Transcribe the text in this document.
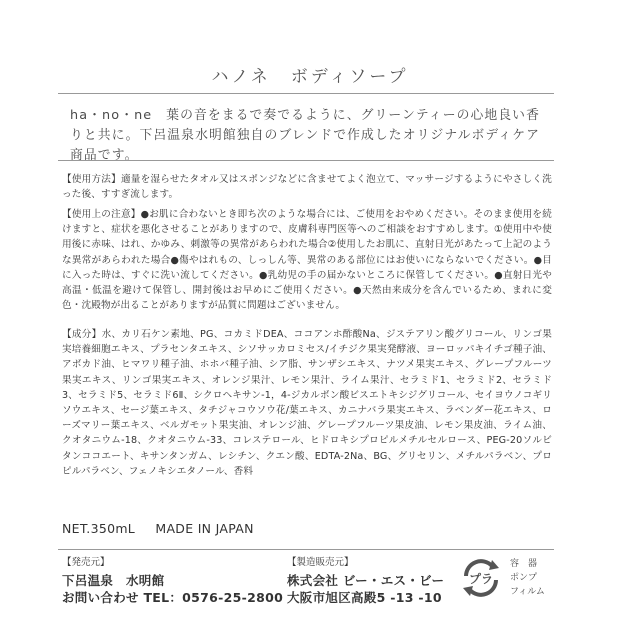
ハノネ　ボディソープ
ha・no・ne　葉の音をまるで奏でるように、グリーンティーの心地良い香りと共に。下呂温泉水明館独自のブレンドで作成したオリジナルボディケア商品です。
【使用方法】適量を湿らせたタオル又はスポンジなどに含ませてよく泡立て、マッサージするようにやさしく洗った後、すすぎ流します。
【使用上の注意】●お肌に合わないとき即ち次のような場合には、ご使用をおやめください。そのまま使用を続けますと、症状を悪化させることがありますので、皮膚科専門医等へのご相談をおすすめします。①使用中や使用後に赤味、はれ、かゆみ、刺激等の異常があらわれた場合②使用したお肌に、直射日光があたって上記のような異常があらわれた場合●傷やはれもの、しっしん等、異常のある部位にはお使いにならないでください。●目に入った時は、すぐに洗い流してください。●乳幼児の手の届かないところに保管してください。●直射日光や高温・低温を避けて保管し、開封後はお早めにご使用ください。●天然由来成分を含んでいるため、まれに変色・沈殿物が出ることがありますが品質に問題はございません。
【成分】水、カリ石ケン素地、PG、コカミドDEA、ココアンホ酢酸Na、ジステアリン酸グリコール、リンゴ果実培養細胞エキス、プラセンタエキス、シソサッカロミセス/イチジク果実発酵液、ヨーロッパキイチゴ種子油、アボカド油、ヒマワリ種子油、ホホバ種子油、シア脂、サンザシエキス、ナツメ果実エキス、グレープフルーツ果実エキス、リンゴ果実エキス、オレンジ果汁、レモン果汁、ライム果汁、セラミド1、セラミド2、セラミド3、セラミド5、セラミド6Ⅱ、シクロヘキサン-1，4-ジカルボン酸ビスエトキシジグリコール、セイヨウノコギリソウエキス、セージ葉エキス、タチジャコウソウ花/葉エキス、カニナバラ果実エキス、ラベンダー花エキス、ローズマリー葉エキス、ベルガモット果実油、オレンジ油、グレープフルーツ果皮油、レモン果皮油、ライム油、クオタニウム-18、クオタニウム-33、コレステロール、ヒドロキシプロピルメチルセルロース、PEG-20ソルビタンココエート、キサンタンガム、レシチン、クエン酸、EDTA-2Na、BG、グリセリン、メチルパラベン、プロピルパラベン、フェノキシエタノール、香料
NET.350mL MADE IN JAPAN
【発売元】
下呂温泉　水明館
お問い合わせ TEL：0576-25-2800
【製造販売元】
株式会社 ビー・エス・ビー
大阪市旭区高殿5 -13 -10
プラ
容　器
ポンプ
フィルム
